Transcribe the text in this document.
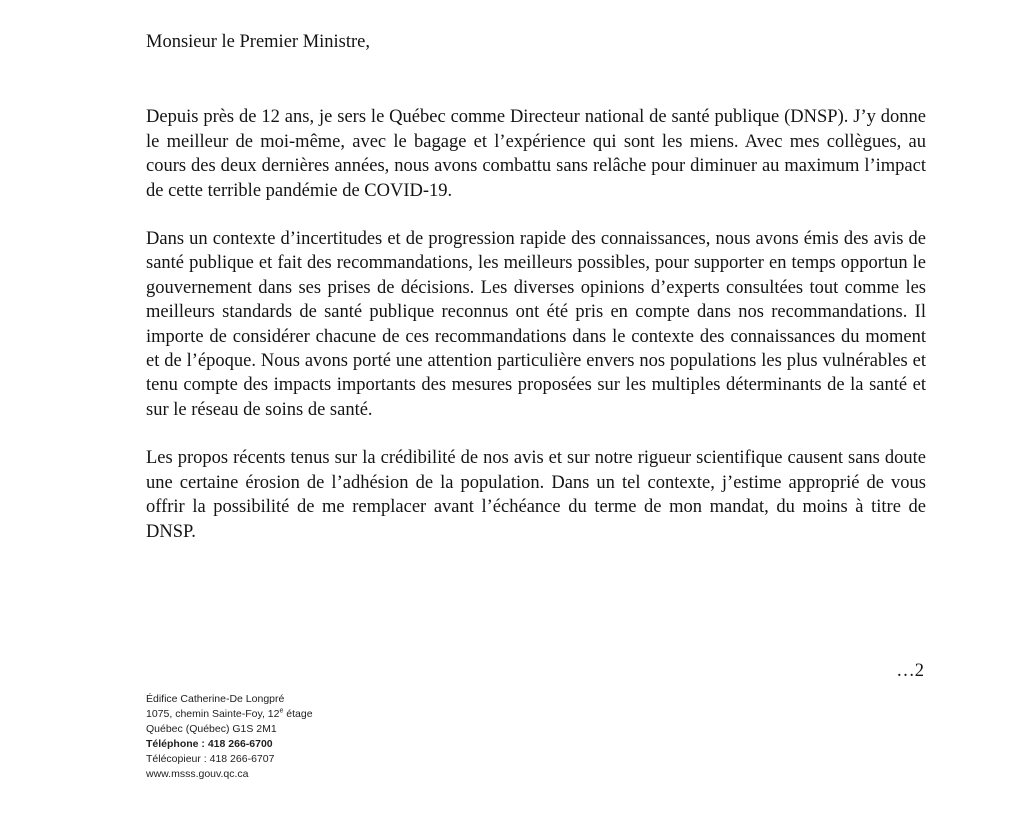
Monsieur le Premier Ministre,

Depuis près de 12 ans, je sers le Québec comme Directeur national de santé publique (DNSP). J’y donne le meilleur de moi-même, avec le bagage et l’expérience qui sont les miens. Avec mes collègues, au cours des deux dernières années, nous avons combattu sans relâche pour diminuer au maximum l’impact de cette terrible pandémie de COVID-19.

Dans un contexte d’incertitudes et de progression rapide des connaissances, nous avons émis des avis de santé publique et fait des recommandations, les meilleurs possibles, pour supporter en temps opportun le gouvernement dans ses prises de décisions. Les diverses opinions d’experts consultées tout comme les meilleurs standards de santé publique reconnus ont été pris en compte dans nos recommandations. Il importe de considérer chacune de ces recommandations dans le contexte des connaissances du moment et de l’époque. Nous avons porté une attention particulière envers nos populations les plus vulnérables et tenu compte des impacts importants des mesures proposées sur les multiples déterminants de la santé et sur le réseau de soins de santé.

Les propos récents tenus sur la crédibilité de nos avis et sur notre rigueur scientifique causent sans doute une certaine érosion de l’adhésion de la population. Dans un tel contexte, j’estime approprié de vous offrir la possibilité de me remplacer avant l’échéance du terme de mon mandat, du moins à titre de DNSP.

…2
Édifice Catherine-De Longpré
1075, chemin Sainte-Foy, 12e étage
Québec (Québec) G1S 2M1
Téléphone : 418 266-6700
Télécopieur : 418 266-6707
www.msss.gouv.qc.ca
